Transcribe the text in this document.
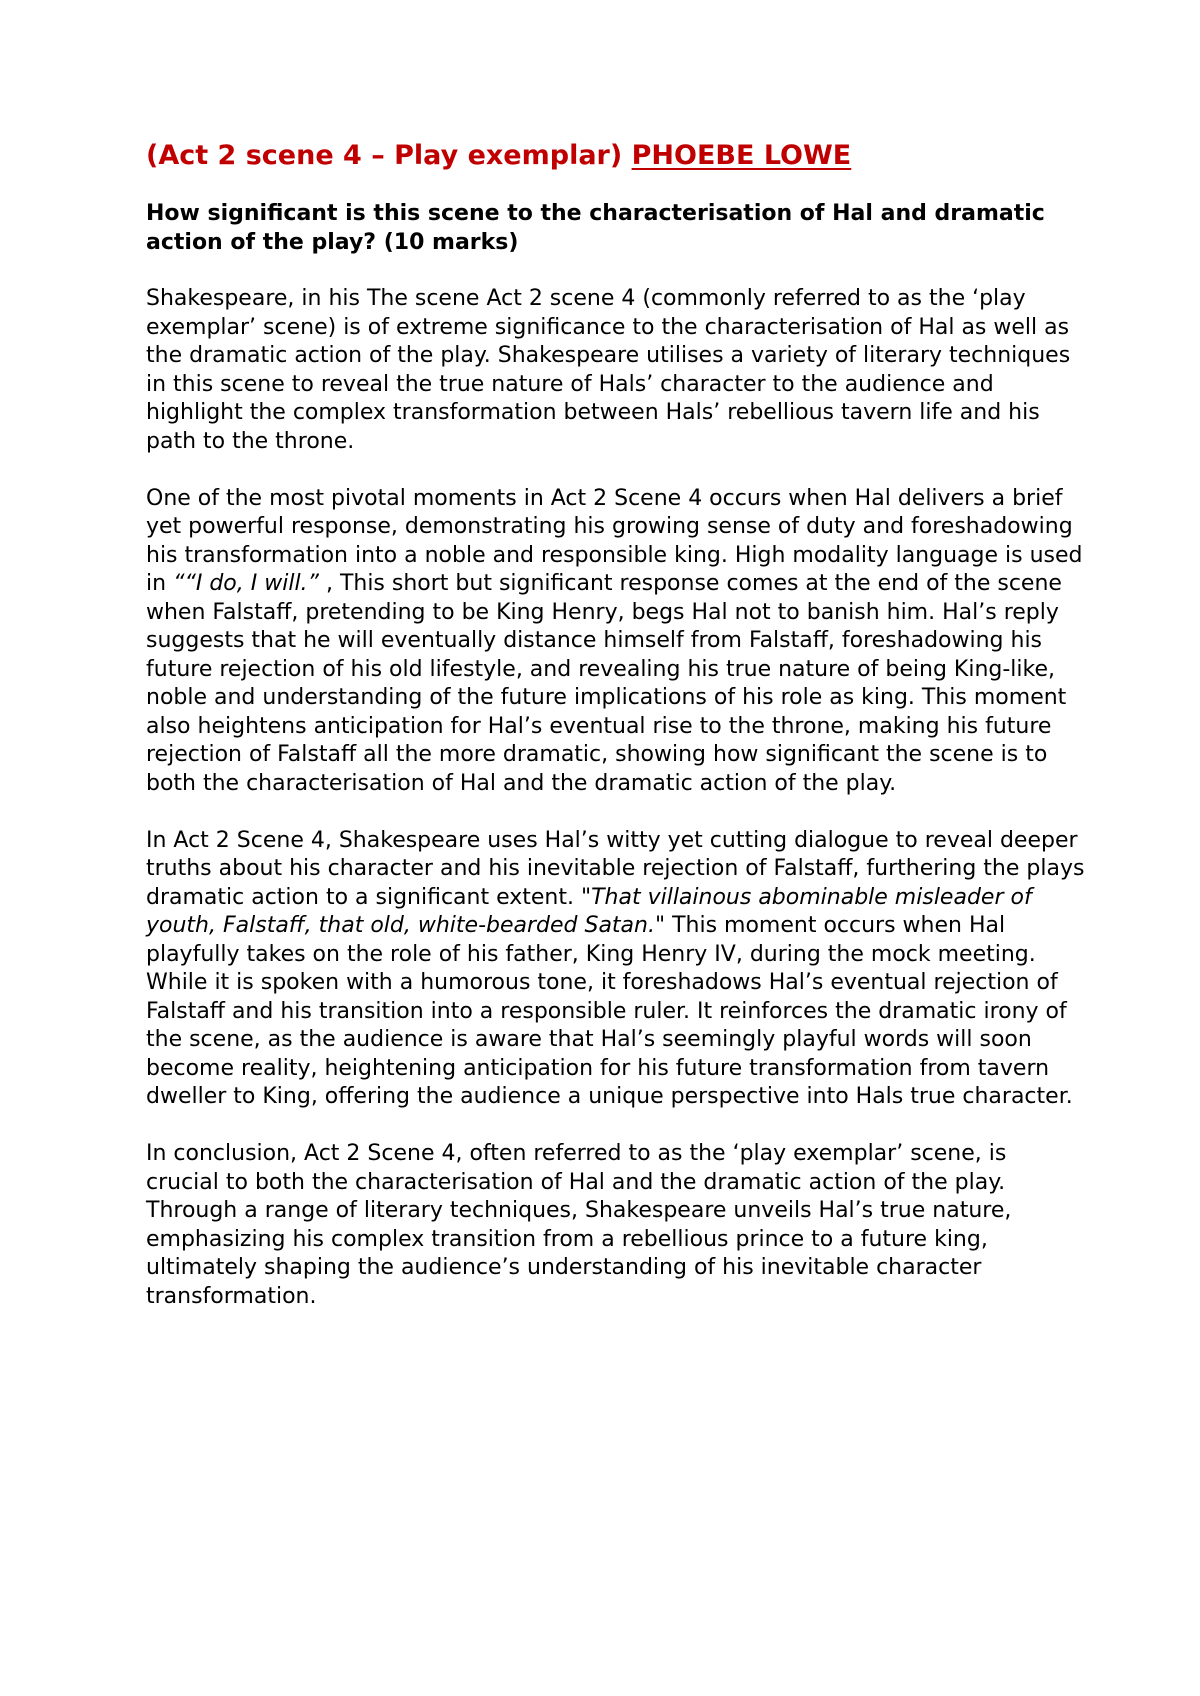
(Act 2 scene 4 – Play exemplar) PHOEBE LOWE

How significant is this scene to the characterisation of Hal and dramatic action of the play? (10 marks)

Shakespeare, in his The scene Act 2 scene 4 (commonly referred to as the ‘play exemplar’ scene) is of extreme significance to the characterisation of Hal as well as the dramatic action of the play. Shakespeare utilises a variety of literary techniques in this scene to reveal the true nature of Hals’ character to the audience and highlight the complex transformation between Hals’ rebellious tavern life and his path to the throne.

One of the most pivotal moments in Act 2 Scene 4 occurs when Hal delivers a brief yet powerful response, demonstrating his growing sense of duty and foreshadowing his transformation into a noble and responsible king. High modality language is used in ““I do, I will.” , This short but significant response comes at the end of the scene when Falstaff, pretending to be King Henry, begs Hal not to banish him. Hal’s reply suggests that he will eventually distance himself from Falstaff, foreshadowing his future rejection of his old lifestyle, and revealing his true nature of being King-like, noble and understanding of the future implications of his role as king. This moment also heightens anticipation for Hal’s eventual rise to the throne, making his future rejection of Falstaff all the more dramatic, showing how significant the scene is to both the characterisation of Hal and the dramatic action of the play.

In Act 2 Scene 4, Shakespeare uses Hal’s witty yet cutting dialogue to reveal deeper truths about his character and his inevitable rejection of Falstaff, furthering the plays dramatic action to a significant extent. "That villainous abominable misleader of youth, Falstaff, that old, white-bearded Satan." This moment occurs when Hal playfully takes on the role of his father, King Henry IV, during the mock meeting. While it is spoken with a humorous tone, it foreshadows Hal’s eventual rejection of Falstaff and his transition into a responsible ruler. It reinforces the dramatic irony of the scene, as the audience is aware that Hal’s seemingly playful words will soon become reality, heightening anticipation for his future transformation from tavern dweller to King, offering the audience a unique perspective into Hals true character.

In conclusion, Act 2 Scene 4, often referred to as the ‘play exemplar’ scene, is crucial to both the characterisation of Hal and the dramatic action of the play. Through a range of literary techniques, Shakespeare unveils Hal’s true nature, emphasizing his complex transition from a rebellious prince to a future king, ultimately shaping the audience’s understanding of his inevitable character transformation.
